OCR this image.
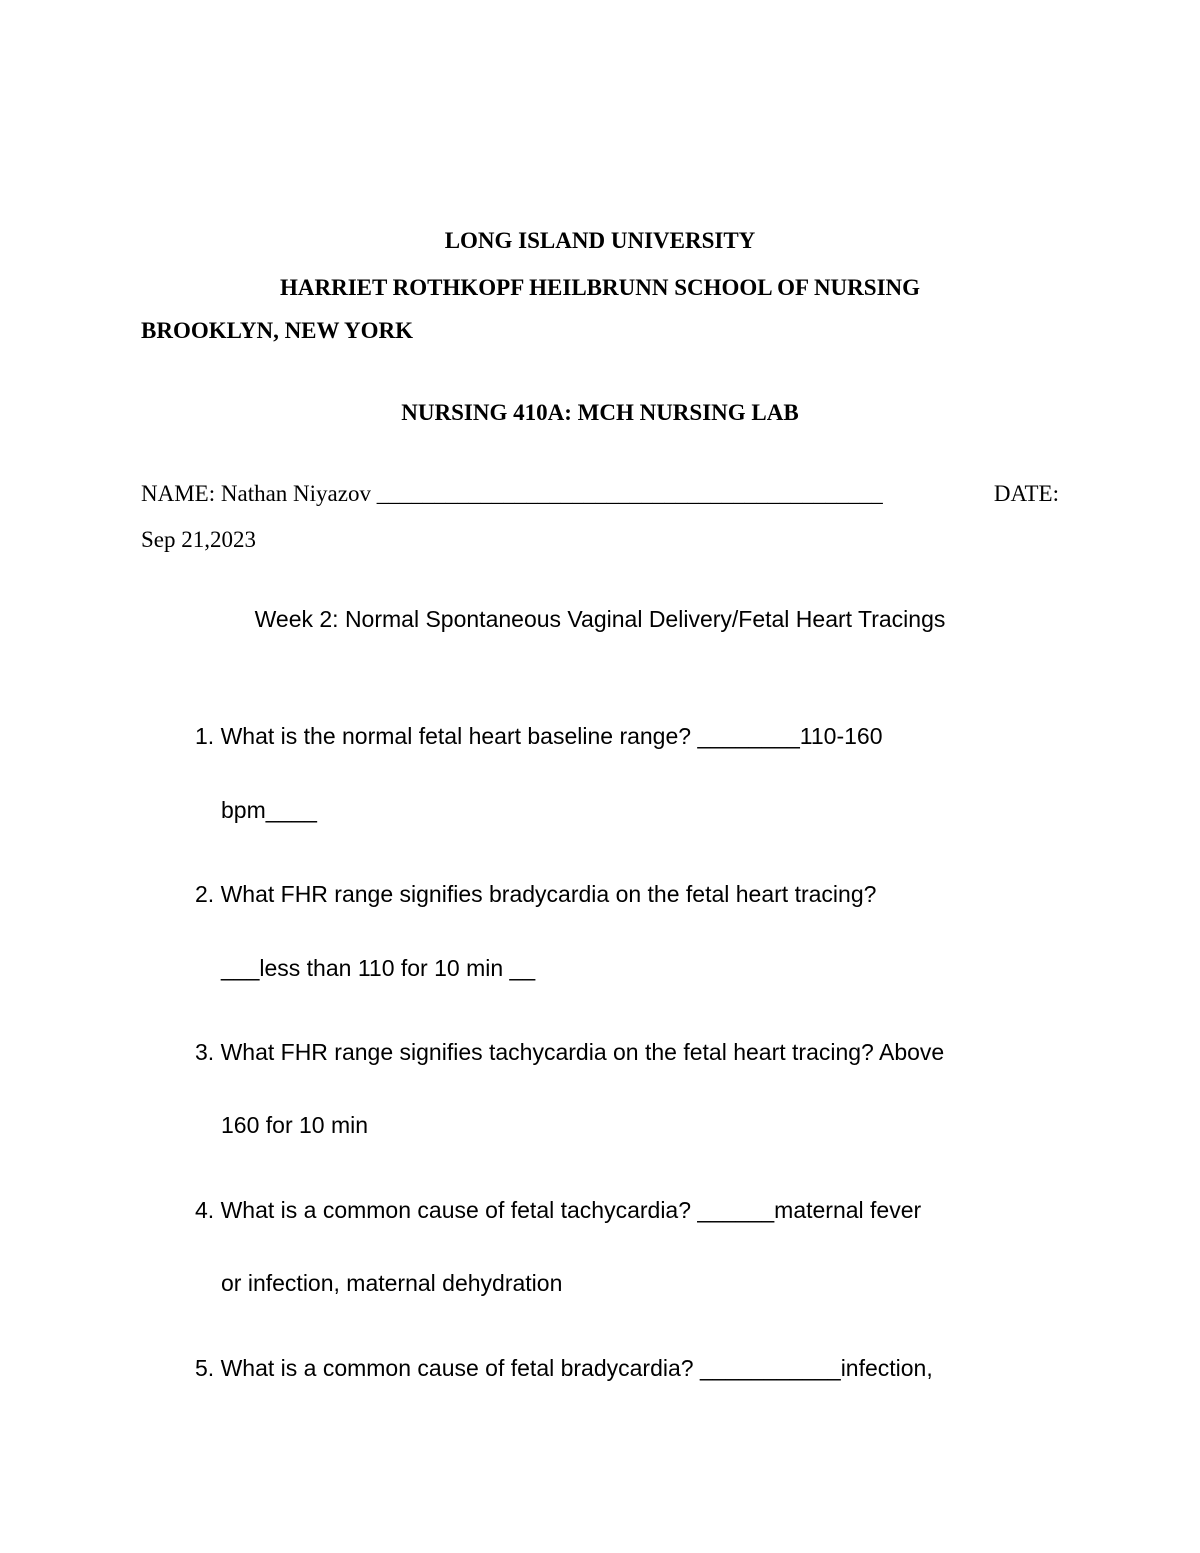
LONG ISLAND UNIVERSITY
HARRIET ROTHKOPF HEILBRUNN SCHOOL OF NURSING
BROOKLYN, NEW YORK
NURSING 410A: MCH NURSING LAB
NAME: Nathan Niyazov ____________________________________________	DATE:
Sep 21,2023
Week 2: Normal Spontaneous Vaginal Delivery/Fetal Heart Tracings
1. What is the normal fetal heart baseline range? ________110-160
bpm____
2. What FHR range signifies bradycardia on the fetal heart tracing?
___less than 110 for 10 min __
3. What FHR range signifies tachycardia on the fetal heart tracing? Above
160 for 10 min
4. What is a common cause of fetal tachycardia? ______maternal fever
or infection, maternal dehydration
5. What is a common cause of fetal bradycardia? ___________infection,
